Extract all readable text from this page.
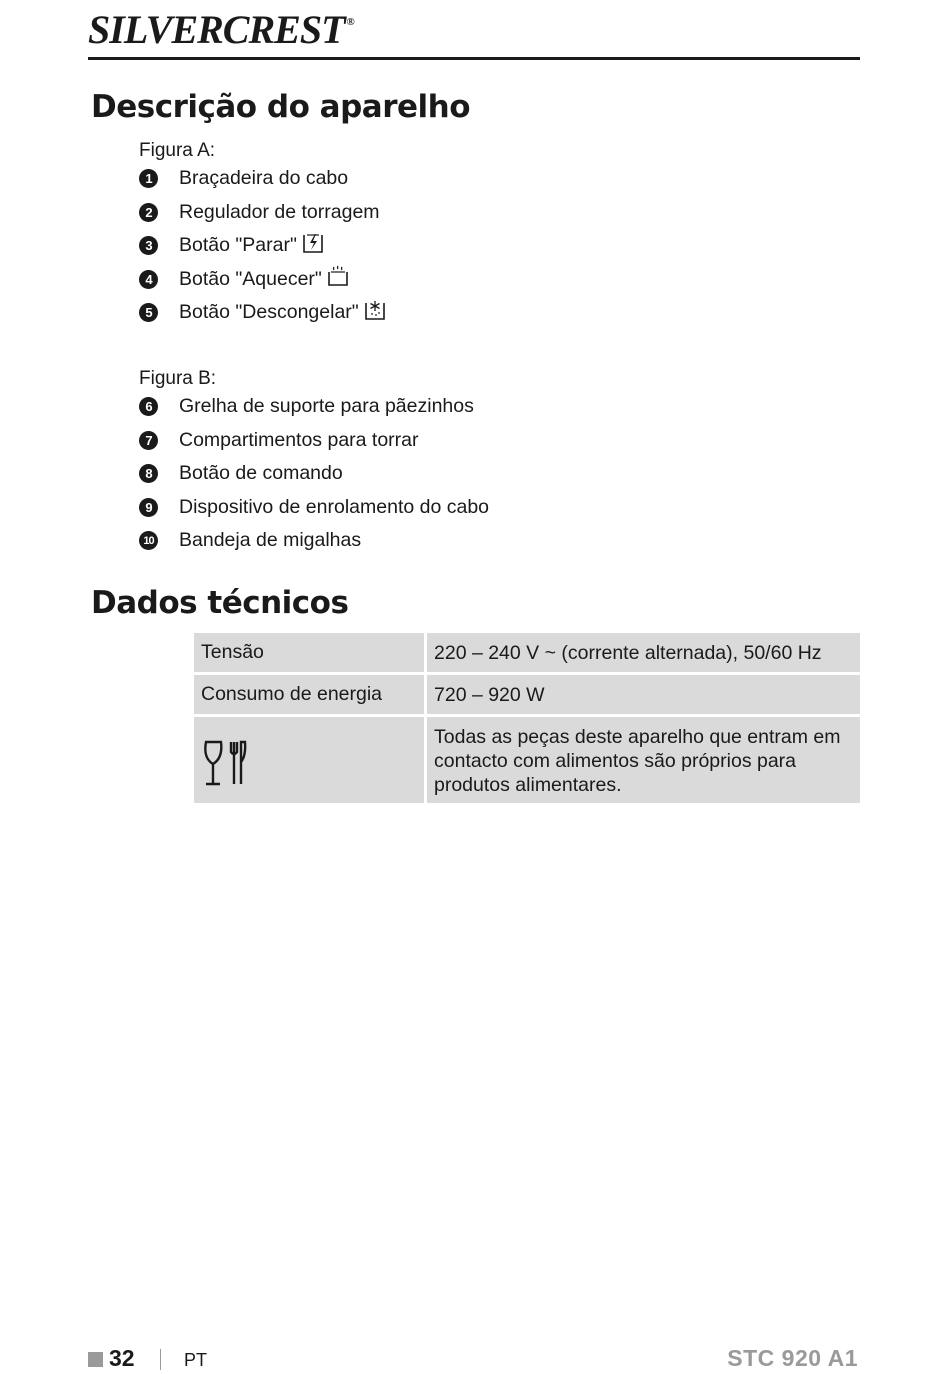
SILVERCREST ®
Descrição do aparelho
Figura A:
1	Braçadeira do cabo
2	Regulador de torragem
3	Botão "Parar"
4	Botão "Aquecer"
5	Botão "Descongelar"
Figura B:
6	Grelha de suporte para pãezinhos
7	Compartimentos para torrar
8	Botão de comando
9	Dispositivo de enrolamento do cabo
10 Bandeja de migalhas
Dados técnicos
Tensão	220 – 240 V ~ (corrente alternada), 50/60 Hz
Consumo de energia	720 – 920 W

	Todas as peças deste aparelho que entram em contacto com alimentos são próprios para produtos alimentares.
32	PT	STC 920 A1
